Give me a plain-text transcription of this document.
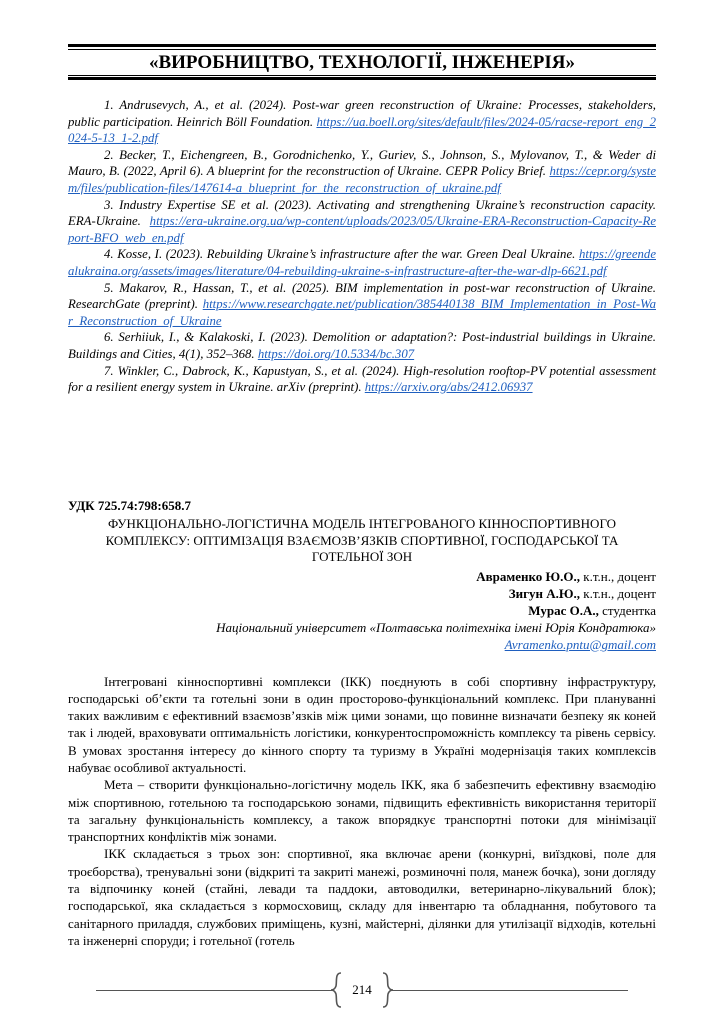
«ВИРОБНИЦТВО, ТЕХНОЛОГІЇ, ІНЖЕНЕРІЯ»

1. Andrusevych, A., et al. (2024). Post-war green reconstruction of Ukraine: Processes, stakeholders, public participation. Heinrich Böll Foundation. https://ua.boell.org/sites/default/files/2024-05/racse-report_eng_2024-5-13_1-2.pdf

2. Becker, T., Eichengreen, B., Gorodnichenko, Y., Guriev, S., Johnson, S., Mylovanov, T., & Weder di Mauro, B. (2022, April 6). A blueprint for the reconstruction of Ukraine. CEPR Policy Brief. https://cepr.org/system/files/publication-files/147614-a_blueprint_for_the_reconstruction_of_ukraine.pdf

3. Industry Expertise SE et al. (2023). Activating and strengthening Ukraine’s reconstruction capacity. ERA-Ukraine. https://era-ukraine.org.ua/wp-content/uploads/2023/05/Ukraine-ERA-Reconstruction-Capacity-Report-BFO_web_en.pdf

4. Kosse, I. (2023). Rebuilding Ukraine’s infrastructure after the war. Green Deal Ukraine. https://greendealukraina.org/assets/images/literature/04-rebuilding-ukraine-s-infrastructure-after-the-war-dlp-6621.pdf

5. Makarov, R., Hassan, T., et al. (2025). BIM implementation in post-war reconstruction of Ukraine. ResearchGate (preprint). https://www.researchgate.net/publication/385440138_BIM_Implementation_in_Post-War_Reconstruction_of_Ukraine

6. Serhiiuk, I., & Kalakoski, I. (2023). Demolition or adaptation?: Post-industrial buildings in Ukraine. Buildings and Cities, 4(1), 352–368. https://doi.org/10.5334/bc.307

7. Winkler, C., Dabrock, K., Kapustyan, S., et al. (2024). High-resolution rooftop-PV potential assessment for a resilient energy system in Ukraine. arXiv (preprint). https://arxiv.org/abs/2412.06937

УДК 725.74:798:658.7

ФУНКЦІОНАЛЬНО-ЛОГІСТИЧНА МОДЕЛЬ ІНТЕГРОВАНОГО КІННОСПОРТИВНОГО КОМПЛЕКСУ: ОПТИМІЗАЦІЯ ВЗАЄМОЗВ’ЯЗКІВ СПОРТИВНОЇ, ГОСПОДАРСЬКОЇ ТА ГОТЕЛЬНОЇ ЗОН

Авраменко Ю.О., к.т.н., доцент
Зигун А.Ю., к.т.н., доцент
Мурас О.А., студентка
Національний університет «Полтавська політехніка імені Юрія Кондратюка»
Avramenko.pntu@gmail.com

Інтегровані кінноспортивні комплекси (ІКК) поєднують в собі спортивну інфраструктуру, господарські об’єкти та готельні зони в один просторово-функціональний комплекс. При плануванні таких важливим є ефективний взаємозв’язків між цими зонами, що повинне визначати безпеку як коней так і людей, враховувати оптимальність логістики, конкурентоспроможність комплексу та рівень сервісу. В умовах зростання інтересу до кінного спорту та туризму в Україні модернізація таких комплексів набуває особливої актуальності.

Мета – створити функціонально-логістичну модель ІКК, яка б забезпечить ефективну взаємодію між спортивною, готельною та господарською зонами, підвищить ефективність використання території та загальну функціональність комплексу, а також впорядкує транспортні потоки для мінімізації транспортних конфліктів між зонами.

ІКК складається з трьох зон: спортивної, яка включає арени (конкурні, виїздкові, поле для троєборства), тренувальні зони (відкриті та закриті манежі, розминочні поля, манеж бочка), зони догляду та відпочинку коней (стайні, левади та паддоки, автоводилки, ветеринарно-лікувальний блок); господарської, яка складається з кормосховищ, складу для інвентарю та обладнання, побутового та санітарного приладдя, службових приміщень, кузні, майстерні, ділянки для утилізації відходів, котельні та інженерні споруди; і готельної (готель

214
